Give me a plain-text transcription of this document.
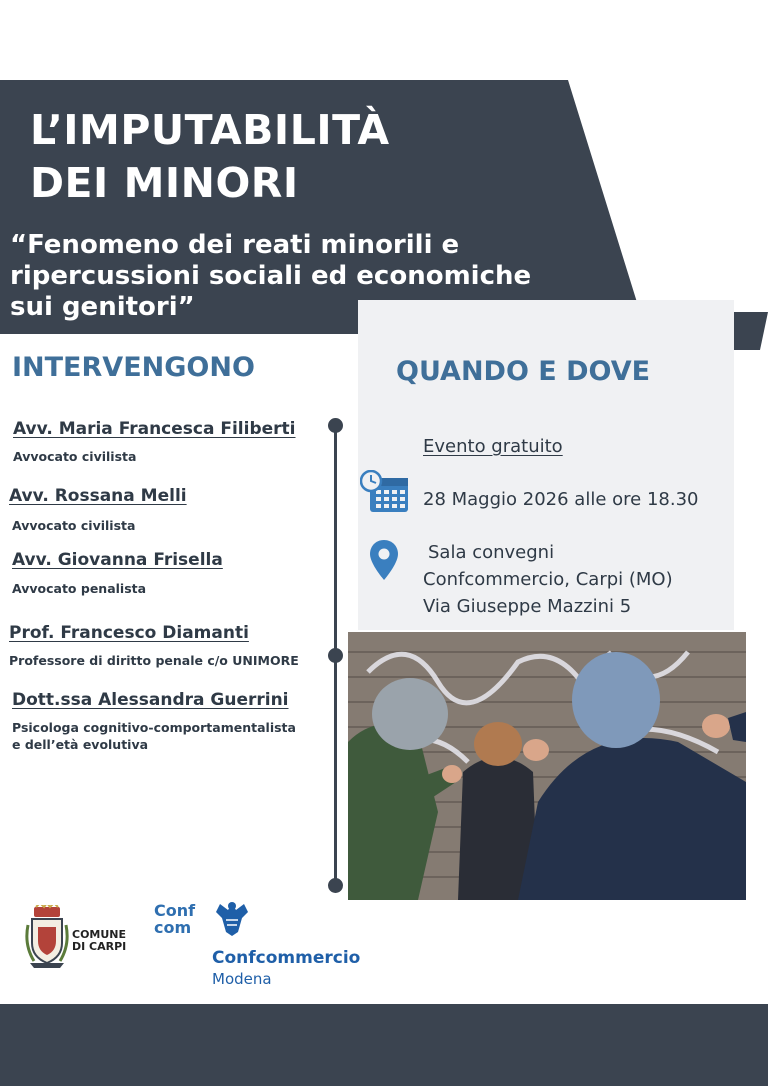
L’IMPUTABILITÀ
DEI MINORI
“Fenomeno dei reati minorili e
ripercussioni sociali ed economiche
sui genitori”
INTERVENGONO	QUANDO E DOVE
Avv. Maria Francesca Filiberti
Avvocato civilista
Avv. Rossana Melli
Avvocato civilista
Avv. Giovanna Frisella
Avvocato penalista
Prof. Francesco Diamanti
Professore di diritto penale c/o UNIMORE
Dott.ssa Alessandra Guerrini
Psicologa cognitivo-comportamentalista
e dell’età evolutiva
Evento gratuito
28 Maggio 2026 alle ore 18.30
Sala convegni
Confcommercio, Carpi (MO)
Via Giuseppe Mazzini 5
COMUNE
DI CARPI
Conf
com
Confcommercio
Modena
